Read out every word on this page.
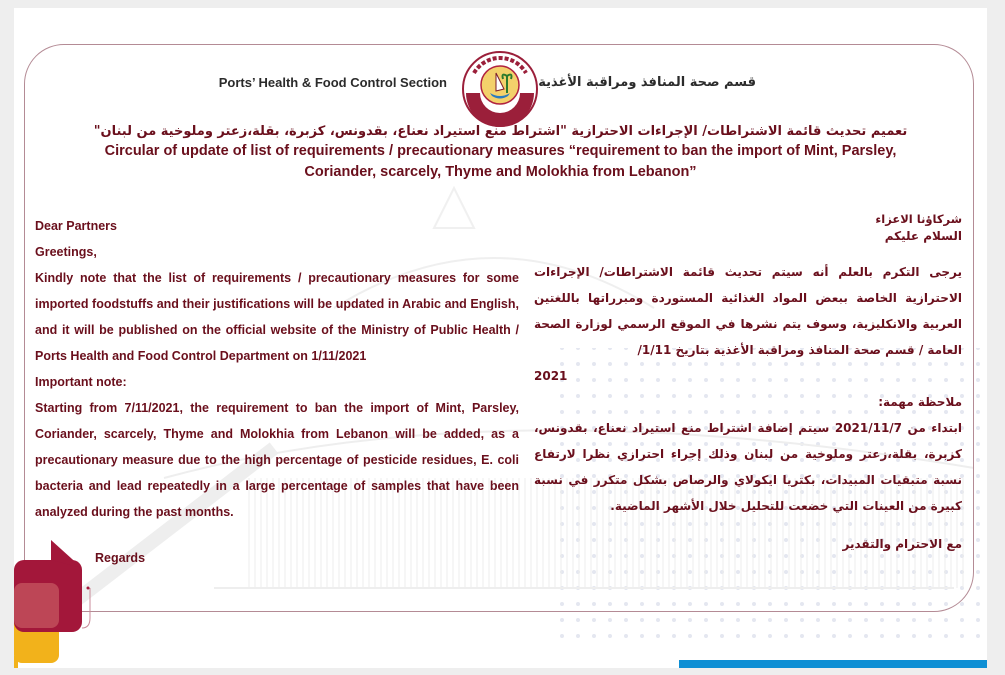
Ports’ Health & Food Control Section	قسم صحة المنافذ ومراقبة الأغذية
تعميم تحديث قائمة الاشتراطات/ الإجراءات الاحترازية "اشتراط منع استيراد نعناع، بقدونس، كزبرة، بقلة،زعتر وملوخية من لبنان"
Circular of update of list of requirements / precautionary measures “requirement to ban the import of Mint, Parsley,
Coriander, scarcely, Thyme and Molokhia from Lebanon”

Dear Partners

Greetings,

Kindly note that the list of requirements / precautionary measures for some imported foodstuffs and their justifications will be updated in Arabic and English, and it will be published on the official website of the Ministry of Public Health / Ports Health and Food Control Department on 1/11/2021

Important note:

Starting from 7/11/2021, the requirement to ban the import of Mint, Parsley, Coriander, scarcely, Thyme and Molokhia from Lebanon will be added, as a precautionary measure due to the high percentage of pesticide residues, E. coli bacteria and lead repeatedly in a large percentage of samples that have been analyzed during the past months.

Regards

شركاؤنا الاعزاء

السلام عليكم

يرجى التكرم بالعلم أنه سيتم تحديث قائمة الاشتراطات/ الإجراءات الاحترازية الخاصة ببعض المواد الغذائية المستوردة ومبرراتها باللغتين العربية والانكليزية، وسوف يتم نشرها في الموقع الرسمي لوزارة الصحة العامة / قسم صحة المنافذ ومراقبة الأغذية بتاريخ 1/11/

2021

ملاحظة مهمة:

ابتداء من 2021/11/7 سيتم إضافة اشتراط منع استيراد نعناع، بقدونس، كزبرة، بقلة،زعتر وملوخية من لبنان وذلك إجراء احترازي نظرا لارتفاع نسبة متبقيات المبيدات، بكتريا ايكولاي والرصاص بشكل متكرر في نسبة كبيرة من العينات التي خضعت للتحليل خلال الأشهر الماضية.

مع الاحترام والتقدير
